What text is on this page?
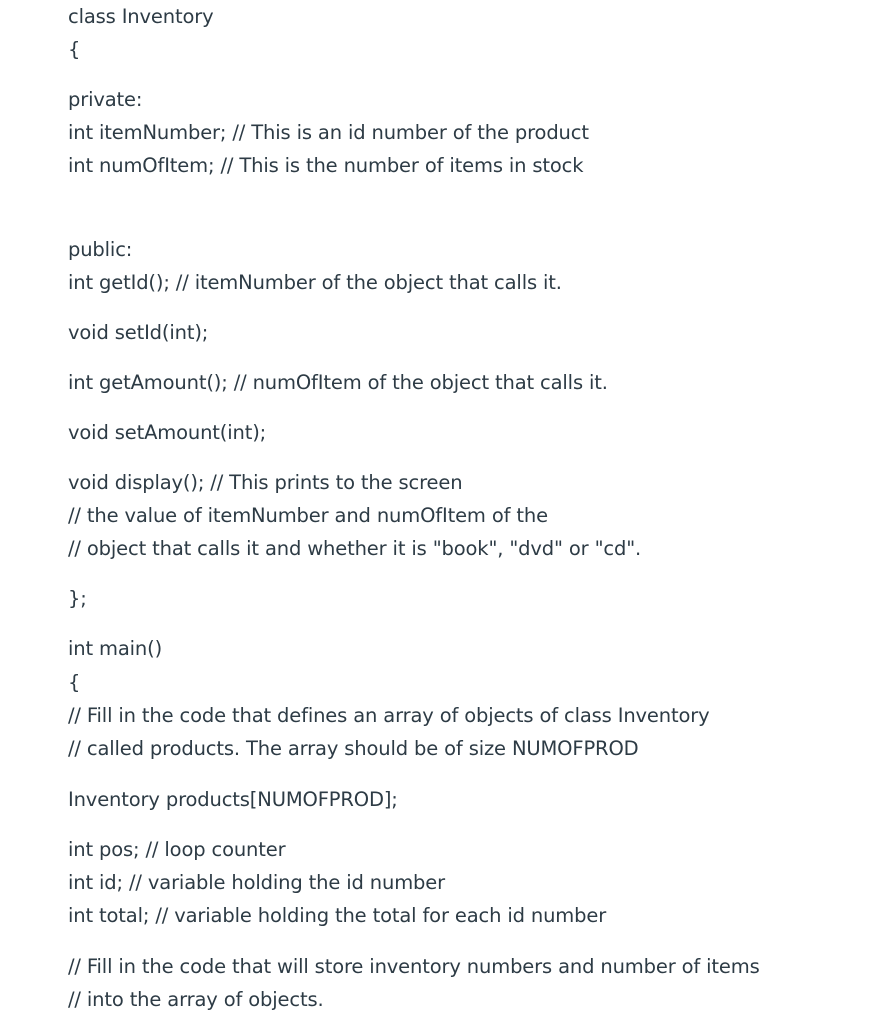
class Inventory
{
private:
int itemNumber; // This is an id number of the product
int numOfItem; // This is the number of items in stock
public:
int getId(); // itemNumber of the object that calls it.
void setId(int);
int getAmount(); // numOfItem of the object that calls it.
void setAmount(int);
void display(); // This prints to the screen
// the value of itemNumber and numOfItem of the
// object that calls it and whether it is "book", "dvd" or "cd".
};
int main()
{
// Fill in the code that defines an array of objects of class Inventory
// called products. The array should be of size NUMOFPROD
Inventory products[NUMOFPROD];
int pos; // loop counter
int id; // variable holding the id number
int total; // variable holding the total for each id number
// Fill in the code that will store inventory numbers and number of items
// into the array of objects.
